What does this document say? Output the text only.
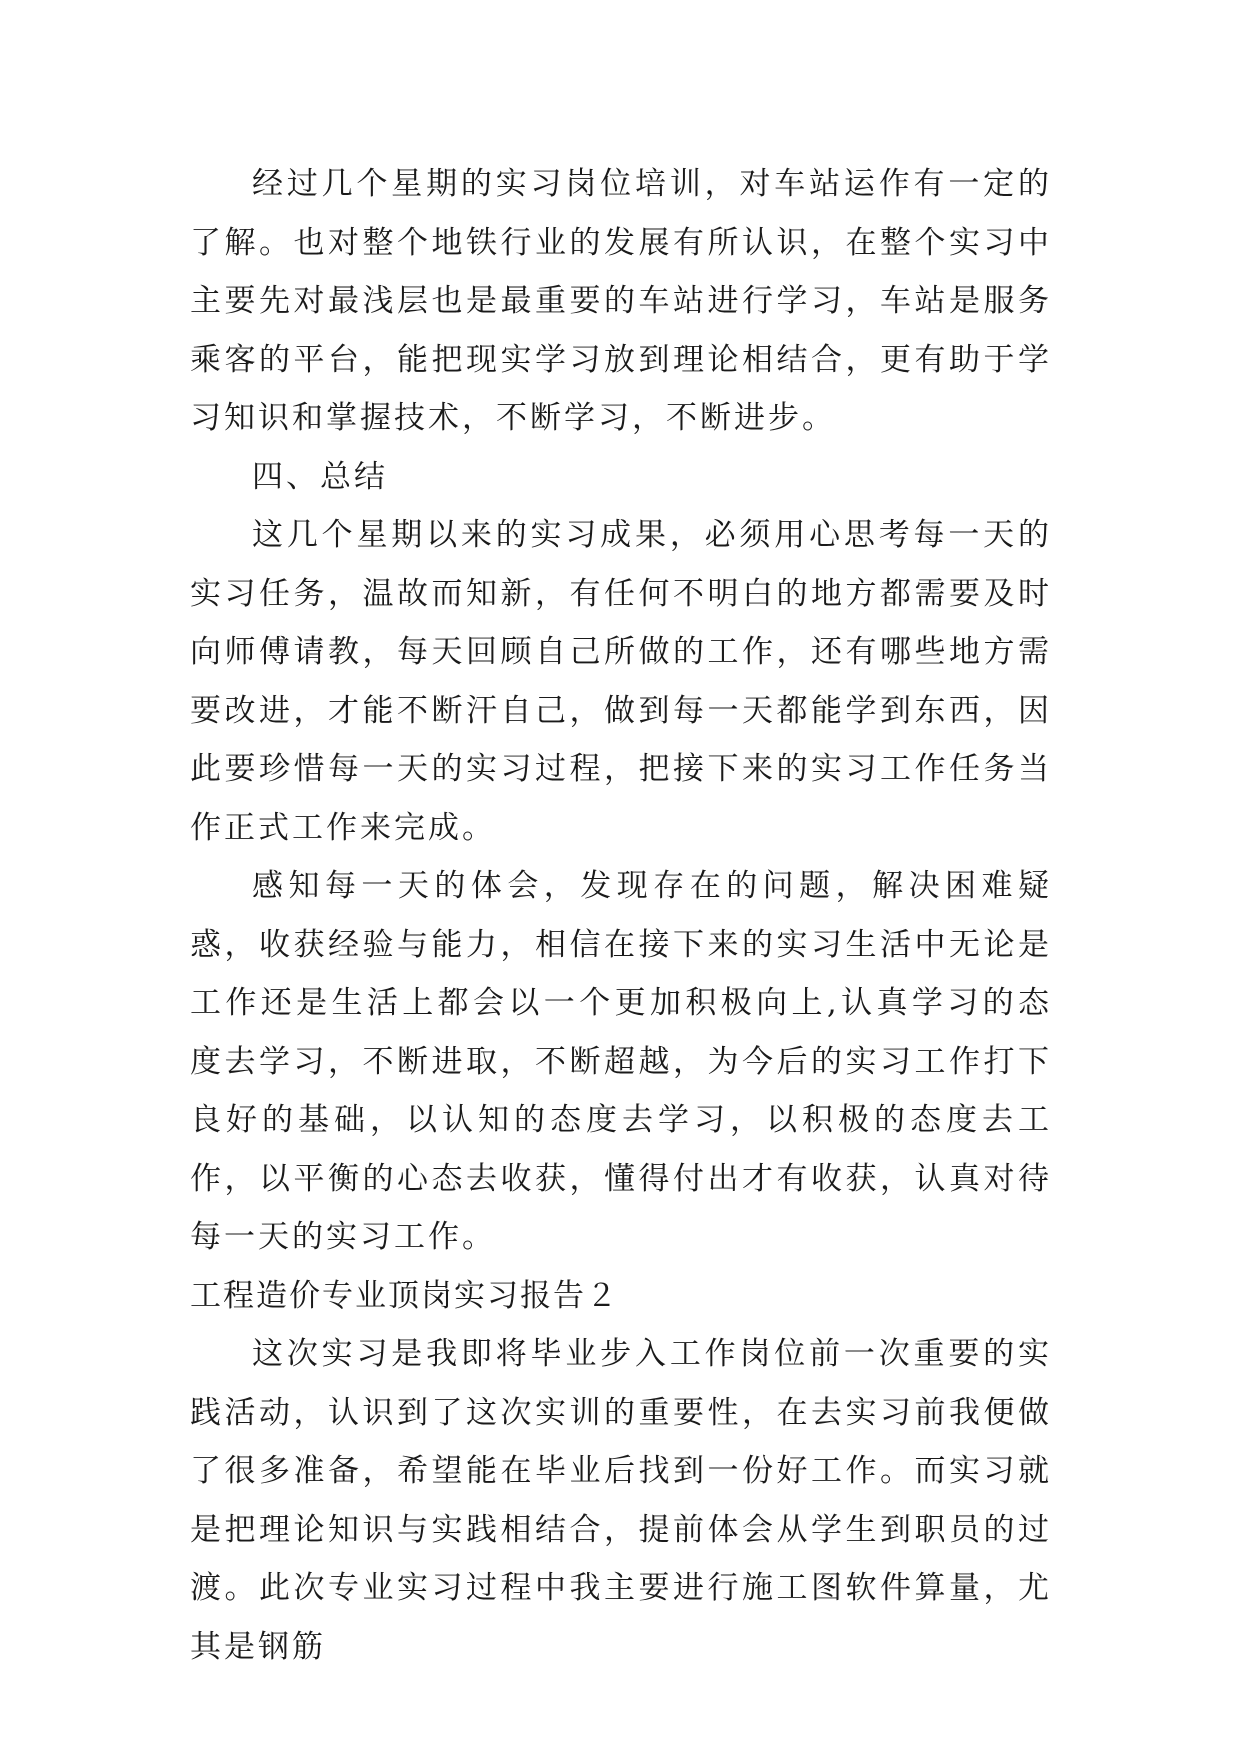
经过几个星期的实习岗位培训，对车站运作有一定的了解。也对整个地铁行业的发展有所认识，在整个实习中主要先对最浅层也是最重要的车站进行学习，车站是服务乘客的平台，能把现实学习放到理论相结合，更有助于学习知识和掌握技术，不断学习，不断进步。

四、总结

这几个星期以来的实习成果，必须用心思考每一天的实习任务，温故而知新，有任何不明白的地方都需要及时向师傅请教，每天回顾自己所做的工作，还有哪些地方需要改进，才能不断汗自己，做到每一天都能学到东西，因此要珍惜每一天的实习过程，把接下来的实习工作任务当作正式工作来完成。

感知每一天的体会，发现存在的问题，解决困难疑惑，收获经验与能力，相信在接下来的实习生活中无论是工作还是生活上都会以一个更加积极向上,认真学习的态度去学习，不断进取，不断超越，为今后的实习工作打下良好的基础，以认知的态度去学习，以积极的态度去工作，以平衡的心态去收获，懂得付出才有收获，认真对待每一天的实习工作。

工程造价专业顶岗实习报告２

这次实习是我即将毕业步入工作岗位前一次重要的实践活动，认识到了这次实训的重要性，在去实习前我便做了很多准备，希望能在毕业后找到一份好工作。而实习就是把理论知识与实践相结合，提前体会从学生到职员的过渡。此次专业实习过程中我主要进行施工图软件算量，尤其是钢筋
